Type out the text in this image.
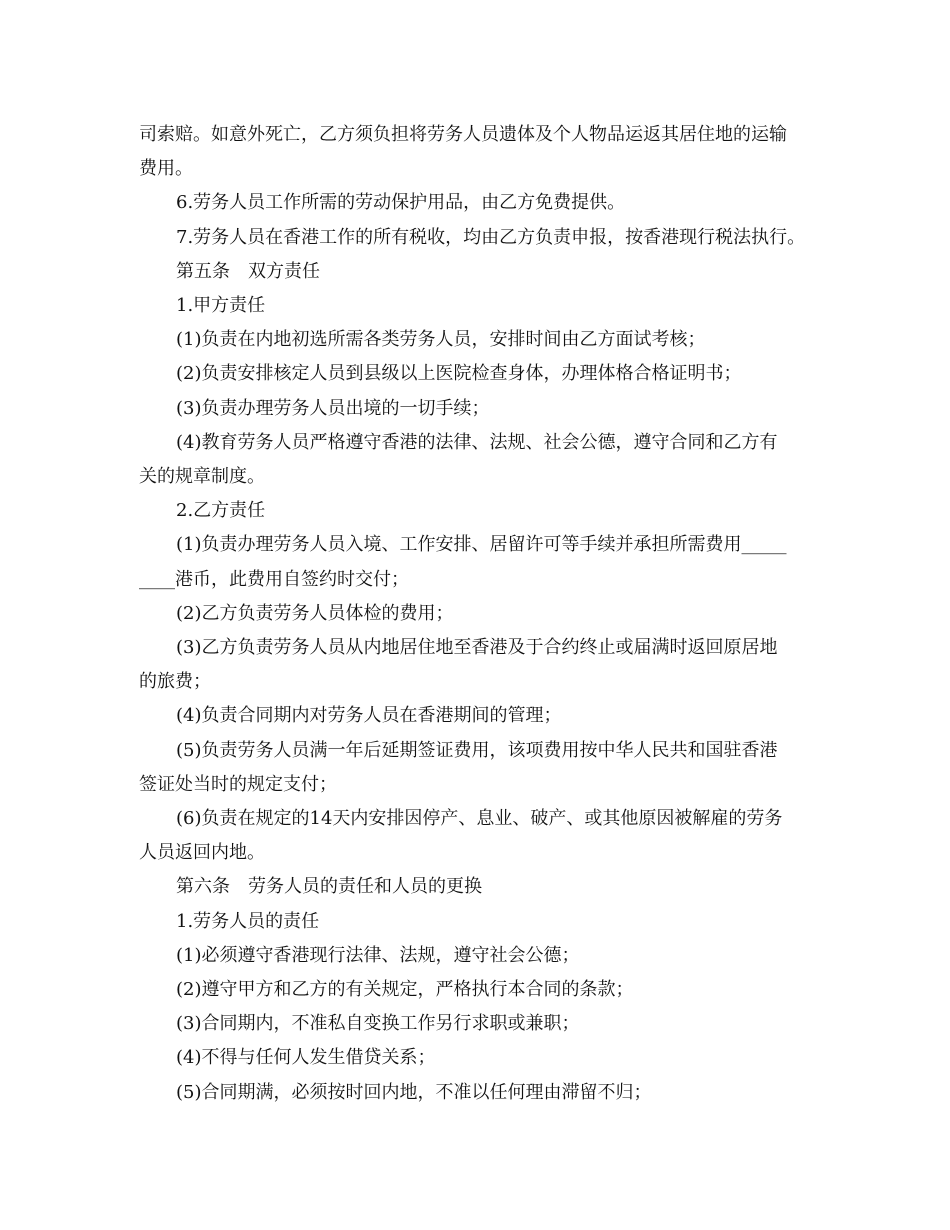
司索赔。如意外死亡，乙方须负担将劳务人员遗体及个人物品运返其居住地的运输

费用。

6.劳务人员工作所需的劳动保护用品，由乙方免费提供。

7.劳务人员在香港工作的所有税收，均由乙方负责申报，按香港现行税法执行。

第五条　双方责任

1.甲方责任

(1)负责在内地初选所需各类劳务人员，安排时间由乙方面试考核；

(2)负责安排核定人员到县级以上医院检查身体，办理体格合格证明书；

(3)负责办理劳务人员出境的一切手续；

(4)教育劳务人员严格遵守香港的法律、法规、社会公德，遵守合同和乙方有

关的规章制度。

2.乙方责任

(1)负责办理劳务人员入境、工作安排、居留许可等手续并承担所需费用_____

____港币，此费用自签约时交付；

(2)乙方负责劳务人员体检的费用；

(3)乙方负责劳务人员从内地居住地至香港及于合约终止或届满时返回原居地

的旅费；

(4)负责合同期内对劳务人员在香港期间的管理；

(5)负责劳务人员满一年后延期签证费用，该项费用按中华人民共和国驻香港

签证处当时的规定支付；

(6)负责在规定的14天内安排因停产、息业、破产、或其他原因被解雇的劳务

人员返回内地。

第六条　劳务人员的责任和人员的更换

1.劳务人员的责任

(1)必须遵守香港现行法律、法规，遵守社会公德；

(2)遵守甲方和乙方的有关规定，严格执行本合同的条款；

(3)合同期内，不准私自变换工作另行求职或兼职；

(4)不得与任何人发生借贷关系；

(5)合同期满，必须按时回内地，不准以任何理由滞留不归；
